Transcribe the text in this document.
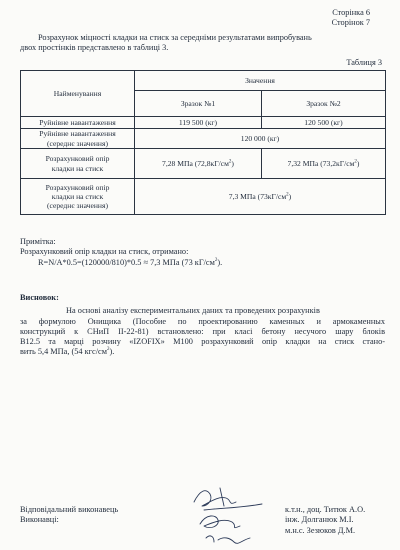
Сторінка 6
Сторінок 7
Розрахунок міцності кладки на стиск за середніми результатами випробувань
двох простінків представлено в таблиці 3.
Таблиця 3
Найменування	Значення	
	Зразок №1	Зразок №2
Руйнівне навантаження	119 500 (кг)	120 500 (кг)

Руйнівне навантаження
(середнє значення)	120 000 (кг)	

Розрахунковий опір
кладки на стиск	7,28 МПа $(72,8кГ/см^2)$	7,32 МПа $(73,2кГ/см^2)$

Розрахунковий опір
кладки на стиск
(середнє значення)	7,3 МПа $(73кГ/см^2)$	
Примітка:
Розрахунковий опір кладки на стиск, отримано:
R=N/A*0.5=(120000/810)*0.5 ≈ 7,3 МПа (73 $кГ/см^2$).
Висновок:
На основі аналізу експериментальних даних та проведених розрахунків
за формулою Онищика (Пособие по проектированию каменных и армокаменных
конструкций к СНиП II-22-81) встановлено: при класі бетону несучого шару блоків
B12.5 та марці розчину «IZOFIX» М100 розрахунковий опір кладки на стиск стано-
вить 5,4 МПа, (54 кгс/$см^2$).
Відповідальний виконавець
Виконавці:
к.т.н., доц. Титюк А.О.
інж. Долганюк М.І.
м.н.с. Зезюков Д.М.
